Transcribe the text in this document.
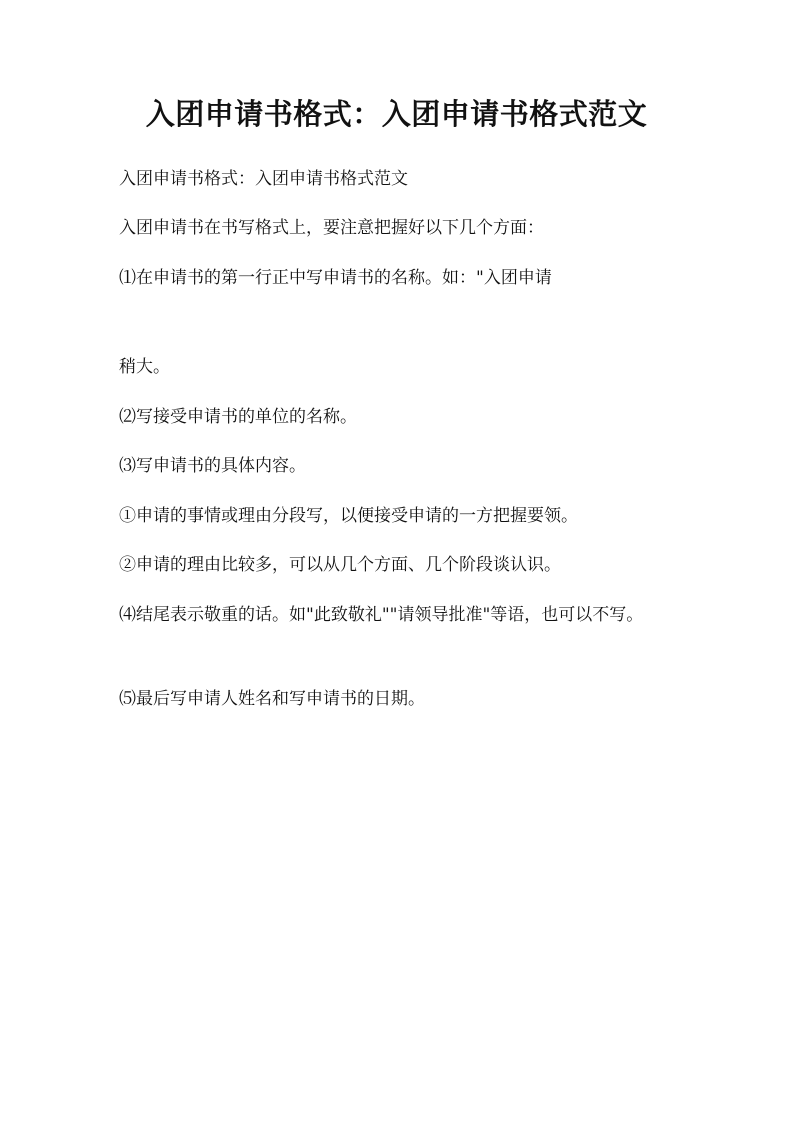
入团申请书格式：入团申请书格式范文

入团申请书格式：入团申请书格式范文

入团申请书在书写格式上，要注意把握好以下几个方面：

⑴在申请书的第一行正中写申请书的名称。如："入团申请

稍大。

⑵写接受申请书的单位的名称。

⑶写申请书的具体内容。

①申请的事情或理由分段写，以便接受申请的一方把握要领。

②申请的理由比较多，可以从几个方面、几个阶段谈认识。

⑷结尾表示敬重的话。如"此致敬礼""请领导批准"等语，也可以不写。

⑸最后写申请人姓名和写申请书的日期。
